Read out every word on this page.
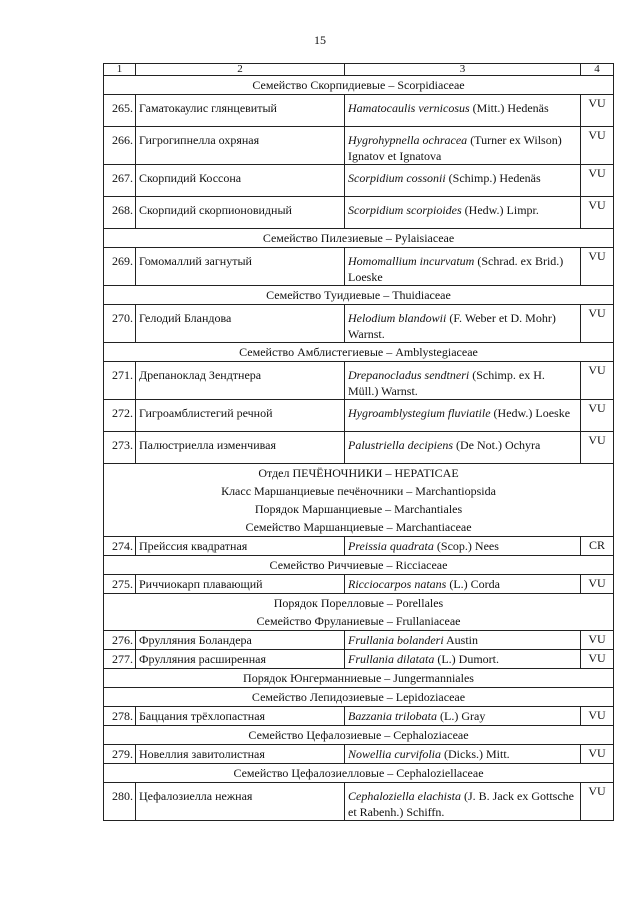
15
1	2	3	4
Семейство Скорпидиевые – Scorpidiaceae			
265.	Гаматокаулис глянцевитый	Hamatocaulis vernicosus (Mitt.) Hedenäs	VU
266.	Гигрогипнелла охряная	Hygrohypnella ochracea (Turner ex Wilson) Ignatov et Ignatova	VU
267.	Скорпидий Коссона	Scorpidium cossonii (Schimp.) Hedenäs	VU
268.	Скорпидий скорпионовидный	Scorpidium scorpioides (Hedw.) Limpr.	VU
Семейство Пилезиевые – Pylaisiaceae			
269.	Гомомаллий загнутый	Homomallium incurvatum (Schrad. ex Brid.) Loeske	VU
Семейство Туидиевые – Thuidiaceae			
270.	Гелодий Бландова	Helodium blandowii (F. Weber et D. Mohr) Warnst.	VU
Семейство Амблистегиевые – Amblystegiaceae			
271.	Дрепаноклад Зендтнера	Drepanocladus sendtneri (Schimp. ex H. Müll.) Warnst.	VU
272.	Гигроамблистегий речной	Hygroamblystegium fluviatile (Hedw.) Loeske	VU
273.	Палюстриелла изменчивая	Palustriella decipiens (De Not.) Ochyra	VU

Отдел ПЕЧЁНОЧНИКИ – HEPATICAE
Класс Маршанциевые печёночники – Marchantiopsida
Порядок Маршанциевые – Marchantiales
Семейство Маршанциевые – Marchantiaceae			

274.	Прейссия квадратная	Preissia quadrata (Scop.) Nees	CR
Семейство Риччиевые – Ricciaceae			
275.	Риччиокарп плавающий	Ricciocarpos natans (L.) Corda	VU

Порядок Порелловые – Porellales
Семейство Фруланиевые – Frullaniaceae			

276.	Фрулляния Боландера	Frullania bolanderi Austin	VU
277.	Фрулляния расширенная	Frullania dilatata (L.) Dumort.	VU
Порядок Юнгерманниевые – Jungermanniales			
Семейство Лепидозиевые – Lepidoziaceae			
278.	Баццания трёхлопастная	Bazzania trilobata (L.) Gray	VU
Семейство Цефалозиевые – Cephaloziaceae			
279.	Новеллия завитолистная	Nowellia curvifolia (Dicks.) Mitt.	VU
Семейство Цефалозиелловые – Cephaloziellaceae			
280.	Цефалозиелла нежная	Cephaloziella elachista (J. B. Jack ex Gottsche et Rabenh.) Schiffn.	VU
